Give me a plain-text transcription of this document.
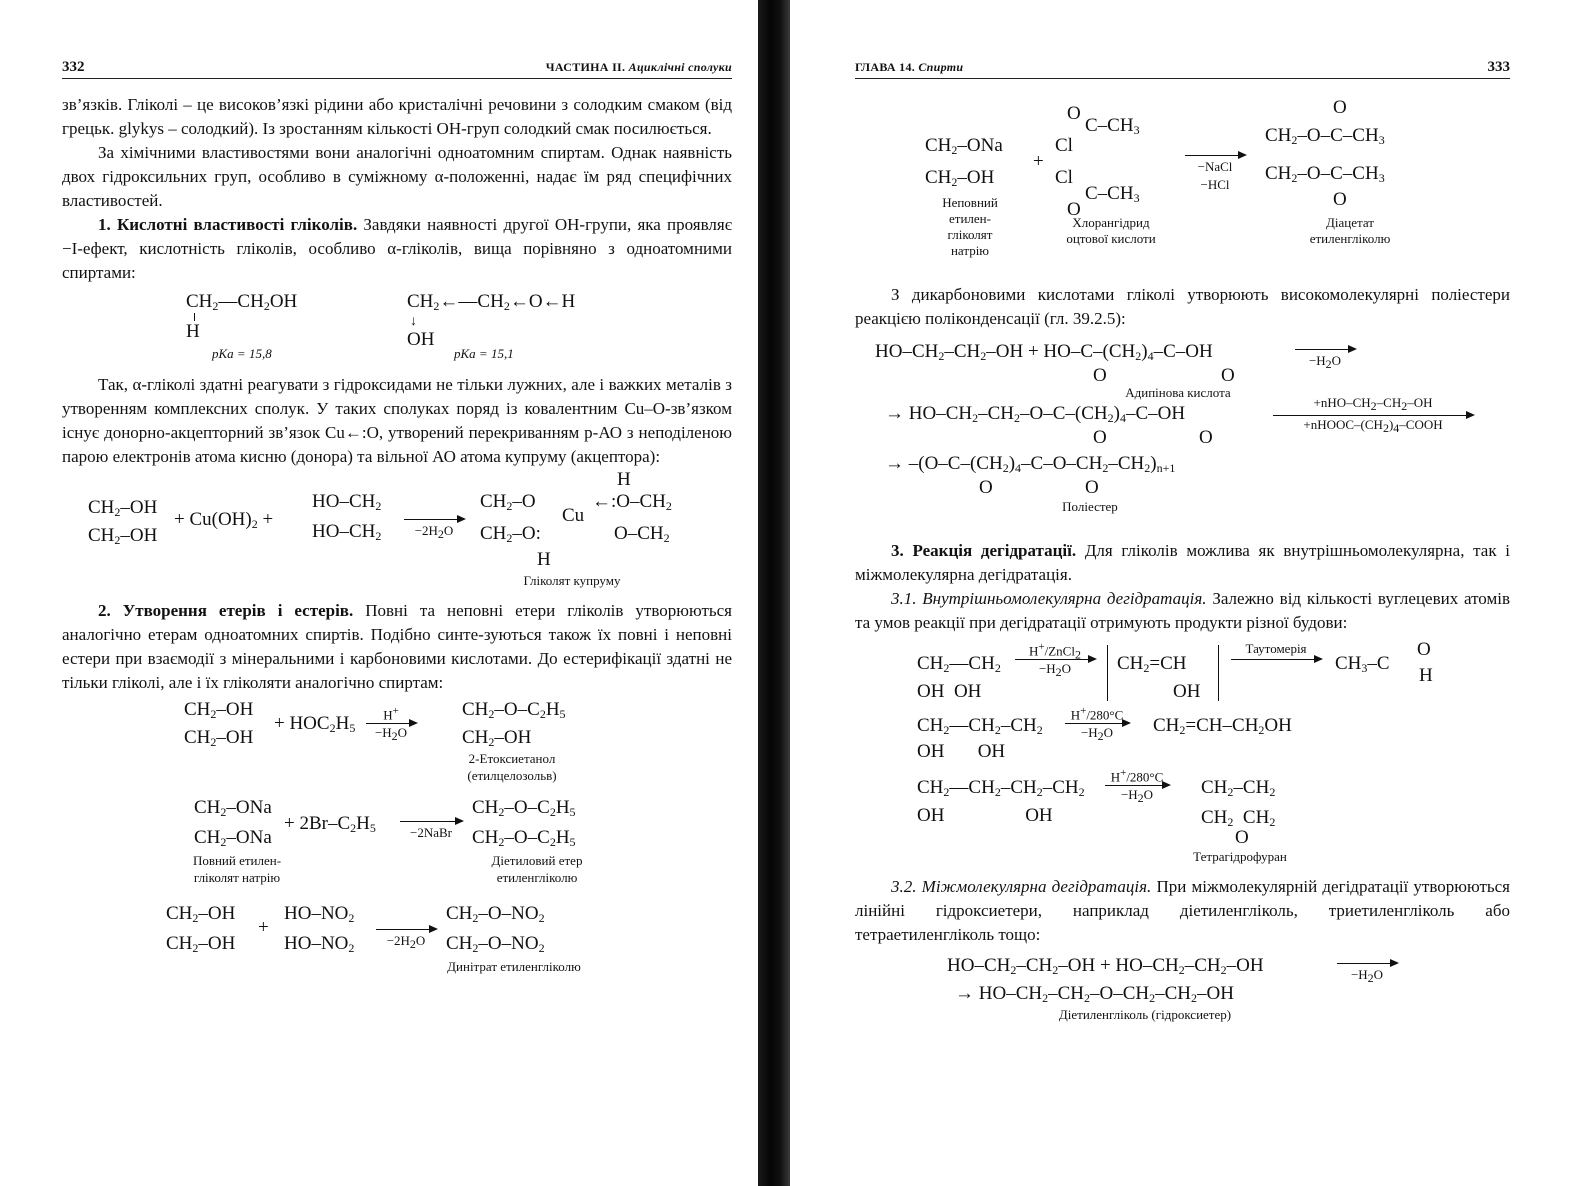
332	ЧАСТИНА II. Ациклічні сполуки

зв’язків. Гліколі – це високов’язкі рідини або кристалічні речовини з солодким смаком (від грецьк. glykys – солодкий). Із зростанням кількості ОН-груп солодкий смак посилюється.

За хімічними властивостями вони аналогічні одноатомним спиртам. Однак наявність двох гідроксильних груп, особливо в суміжному α-положенні, надає їм ряд специфічних властивостей.

1. Кислотні властивості гліколів. Завдяки наявності другої ОН-групи, яка проявляє −I-ефект, кислотність гліколів, особливо α-гліколів, вища порівняно з одноатомними спиртами:

$CH_2—CH_2OH$
H
pKa = 15,8
$CH_2\leftarrow—CH_2\leftarrow O\leftarrow H$
↓
OH
pKa = 15,1

Так, α-гліколі здатні реагувати з гідроксидами не тільки лужних, але і важких металів з утворенням комплексних сполук. У таких сполуках поряд із ковалентним Cu–O-зв’язком існує донорно-акцепторний зв’язок Cu←:O, утворений перекриванням p-АО з неподіленою парою електронів атома кисню (донора) та вільної АО атома купруму (акцептора):

H
$CH_2-OH$
$CH_2-OH$
+ $Cu(OH)_2$ +
$HO-CH_2$
$HO-CH_2$	$-2H_2O$
$CH_2-O$
$CH_2-O$:
Cu
$\leftarrow:O-CH_2$
$O-CH_2$
H
Гліколят купруму

2. Утворення етерів і естерів. Повні та неповні етери гліколів утворюються аналогічно етерам одноатомних спиртів. Подібно синте-зуються також їх повні і неповні естери при взаємодії з мінеральними і карбоновими кислотами. До естерифікації здатні не тільки гліколі, але і їх гліколяти аналогічно спиртам:

$CH_2-OH$
$CH_2-OH$
+ $HOC_2H_5$
H+
$-H_2O$
$CH_2-O-C_2H_5$
$CH_2-OH$
2-Етоксиетанол
(етилцелозольв)
$CH_2$–ONa
$CH_2$–ONa
+ $2Br-C_2H_5$	−2NaBr
$CH_2-O-C_2H_5$
$CH_2-O-C_2H_5$
Повний етилен-
гліколят натрію
Діетиловий етер
етиленгліколю
$CH_2-OH$
$CH_2-OH$
+
$HO-NO_2$
$HO-NO_2$	$-2H_2O$
$CH_2-O-NO_2$
$CH_2-O-NO_2$
Динітрат етиленгліколю
ГЛАВА 14. Спирти	333
$CH_2$–ONa
$CH_2-OH$
+
O
$C-CH_3$
Cl
Cl
$C-CH_3$
O
−NaCl
−HCl
O
$CH_2-O-C-CH_3$
$CH_2-O-C-CH_3$
O
Неповний
етилен-
гліколят
натрію
Хлорангідрид
оцтової кислоти
Діацетат
етиленгліколю

З дикарбоновими кислотами гліколі утворюють високомолекулярні поліестери реакцією поліконденсації (гл. 39.2.5):

$HO-CH_2-CH_2-OH + HO-C-(CH_2)_4-C-OH$	$-H_2O$
O	O
Адипінова кислота
→ $HO-CH_2-CH_2-O-C-(CH_2)_4-C-OH$
$+nHO-CH_2-CH_2-OH$
$+nHOOC-(CH_2)_4$–COOH
O	O
→ $-(O-C-(CH_2)_4-C-O-CH_2-CH_2)_{n+1}$
O	O
Поліестер

3. Реакція дегідратації. Для гліколів можлива як внутрішньомолекулярна, так і міжмолекулярна дегідратація.

3.1. Внутрішньомолекулярна дегідратація. Залежно від кількості вуглецевих атомів та умов реакції при дегідратації отримують продукти різної будови:

$CH_2—CH_2$
OH  OH
H+/ZnCl$_2$
$-H_2O$	$CH_2=CH$
OH
Таутомерія
$CH_3-C$
O
H
$CH_2—CH_2-CH_2$
OH       OH
H+/280°C
$-H_2O$	$CH_2=CH-CH_2OH$
$CH_2—CH_2-CH_2-CH_2$
OH                 OH
H+/280°C
$-H_2O$	$CH_2-CH_2$
$CH_2$  $CH_2$
O
Тетрагідрофуран

3.2. Міжмолекулярна дегідратація. При міжмолекулярній дегідратації утворюються лінійні гідроксиетери, наприклад діетиленгліколь, триетиленгліколь або тетраетиленгліколь тощо:

$HO-CH_2-CH_2-OH + HO-CH_2-CH_2-OH$	$-H_2O$
→ $HO-CH_2-CH_2-O-CH_2-CH_2-OH$
Діетиленгліколь (гідроксиетер)
